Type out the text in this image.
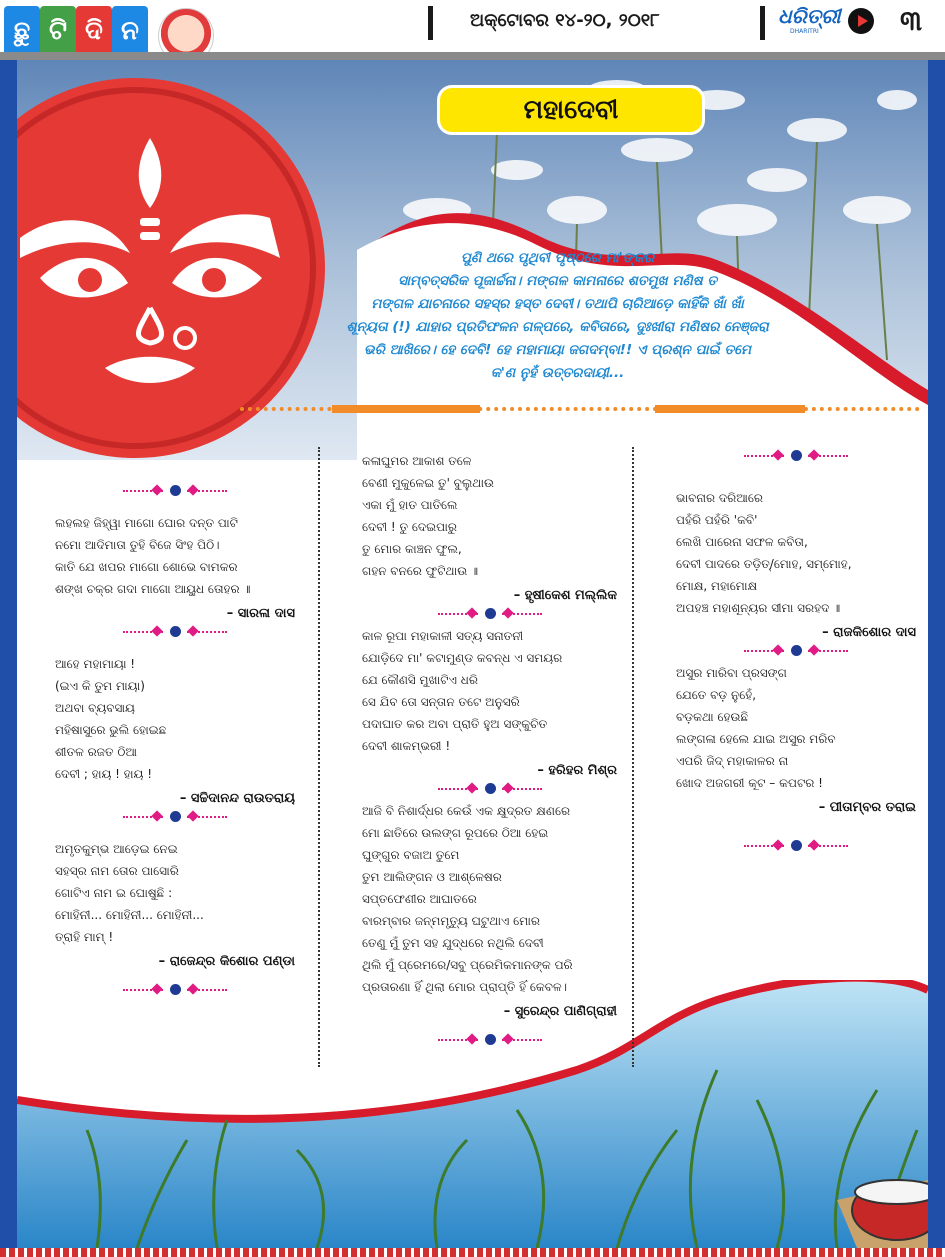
ଛୁ ଟି ଦି ନ	ଅକ୍ଟୋବର ୧୪-୨୦, ୨୦୧୮	ଧରିତ୍ରୀ
DHARITRI	୩
ମହାଦେବୀ

ପୁଣି ଥରେ ପୃଥିବୀ ପୃଷ୍ଠରେ ମା'ଙ୍କର
ସାମ୍ବତ୍ସରିକ ପୂଜାର୍ଚ୍ଚନା। ମଙ୍ଗଳ କାମନାରେ ଶତମୁଖ ମଣିଷ ତ
ମଙ୍ଗଳ ଯାଚନାରେ ସହସ୍ର ହସ୍ତ ଦେବୀ। ତଥାପି ଚାରିଆଡ଼େ କାହିଁକି ଖାଁ ଖାଁ
ଶୂନ୍ୟତା (!) ଯାହାର ପ୍ରତିଫଳନ ଗଳ୍ପରେ, କବିତାରେ, ଦୁଃଖୀରା ମଣିଷର ନେଞ୍ଜରା
ଭରି ଆଖିରେ। ହେ ଦେବି! ହେ ମହାମାୟା ଜଗଦମ୍ବା!! ଏ ପ୍ରଶ୍ନ ପାଇଁ ତମେ
କ'ଣ ନୁହଁ ଉତ୍ତରଦାୟୀ...

ଲହଲହ ଜିହ୍ୱା ମାଗୋ ଘୋର ଦନ୍ତ ପାଟି
ନମୋ ଆଦିମାତା ତୁହି ବିଜେ ସିଂହ ପିଠି।
କାତି ଯେ ଖପର ମାଗୋ ଶୋଭେ ବାମକର
ଶଙ୍ଖ ଚକ୍ର ଗଦା ମାଗୋ ଆୟୁଧ ତୋହର ॥

– ସାରଳା ଦାସ

ଆହେ ମହାମାୟା !
(ଇଏ କି ତୁମ ମାୟା)
ଅଥବା ବ୍ୟବସାୟ
ମହିଷାସୁରେ ଭୁଲି ହୋଇଛ
ଶୀତଳ ରଜତ ଠିଆ
ଦେବୀ ; ହାୟ ! ହାୟ !

– ସଚ୍ଚିଦାନନ୍ଦ ରାଉତରାୟ

ଅମୃତକୁମ୍ଭ ଆଡ଼େଇ ନେଇ
ସହସ୍ର ନାମ ତୋର ପାସୋରି
ଗୋଟିଏ ନାମ ଇ ଘୋଷୁଛି :
ମୋହିନୀ... ମୋହିନୀ... ମୋହିନୀ...
ତ୍ରାହି ମାମ୍ !

– ରାଜେନ୍ଦ୍ର କିଶୋର ପଣ୍ଡା

କଳାଘୁମର ଆକାଶ ତଳେ
ବେଣୀ ମୁକୁଳେଇ ତୁ' ବୁଲୁଥାଉ
ଏକା ମୁଁ ହାତ ପାତିଲେ
ଦେବୀ ! ତୁ ଦେଇପାରୁ
ତୁ ମୋର କାଞ୍ଚନ ଫୁଲ,
ଗହନ ବନରେ ଫୁଟିଥାଉ ॥

– ହୃଷୀକେଶ ମଲ୍ଲିକ

କାଳ ରୂପା ମହାକାଳୀ ସତ୍ୟ ସନାତନୀ
ଯୋଡ଼ିଦେ ମା' କଟାମୁଣ୍ଡ କବନ୍ଧ ଏ ସମୟର
ଯେ କୌଣସି ମୁଖାଟିଏ ଧରି
ସେ ଯିବ ତୋ ସନ୍ତାନ ତଟେ ଅନୁସରି
ପଦାଘାତ କର ଅବା ପ୍ରାତି ହୁଅ ସଙ୍କୁଚିତ
ଦେବୀ ଶାକମ୍ଭରୀ !

– ହରିହର ମିଶ୍ର

ଆଜି ବି ନିଶାର୍ଦ୍ଧର କେଉଁ ଏକ କ୍ଷୁଦ୍ରତ କ୍ଷଣରେ
ମୋ ଛାତିରେ ଉଲଙ୍ଗ ରୂପରେ ଠିଆ ହେଇ
ଘୁଙ୍ଗୁର ବଜାଅ ତୁମେ
ତୁମ ଆଲିଙ୍ଗନ ଓ ଆଶ୍ଳେଷର
ସପ୍ତଫେଣୀର ଆଘାତରେ
ବାରମ୍ବାର ଜନ୍ମମୃତ୍ୟୁ ଘଟୁଥାଏ ମୋର
ତେଣୁ ମୁଁ ତୁମ ସହ ଯୁଦ୍ଧରେ ନଥିଲି ଦେବୀ
ଥିଲି ମୁଁ ପ୍ରେମରେ/ସବୁ ପ୍ରେମିକମାନଙ୍କ ପରି
ପ୍ରତାରଣା ହିଁ ଥିଲା ମୋର ପ୍ରାପ୍ତି ହିଁ କେବଳ।

– ସୁରେନ୍ଦ୍ର ପାଣିଗ୍ରାହୀ

ଭାବନାର ଦରିଆରେ
ପହଁରି ପହଁରି 'କବି'
ଲେଖି ପାରେନା ସଫଳ କବିତା,
ଦେବୀ ପାଦରେ ତଡ଼ିତ୍/ମୋହ, ସମ୍ମୋହ,
ମୋକ୍ଷ, ମହାମୋକ୍ଷ
ଅପହଞ୍ଚ ମହାଶୂନ୍ୟର ସୀମା ସରହଦ ॥

– ରାଜକିଶୋର ଦାସ

ଅସୁର ମାରିବା ପ୍ରସଙ୍ଗ
ଯେତେ ବଡ଼ ନୁହେଁ,
ବଡ଼କଥା ହେଉଛି
ଲଙ୍ଗଳା ହେଲେ ଯାଇ ଅସୁର ମରିବ
ଏପରି ଜିଦ୍ ମହାକାଳର ନା
ଖୋଦ ଅଜଗରୀ କୂଟ – କପଟର !

– ପୀତାମ୍ବର ତରାଇ
